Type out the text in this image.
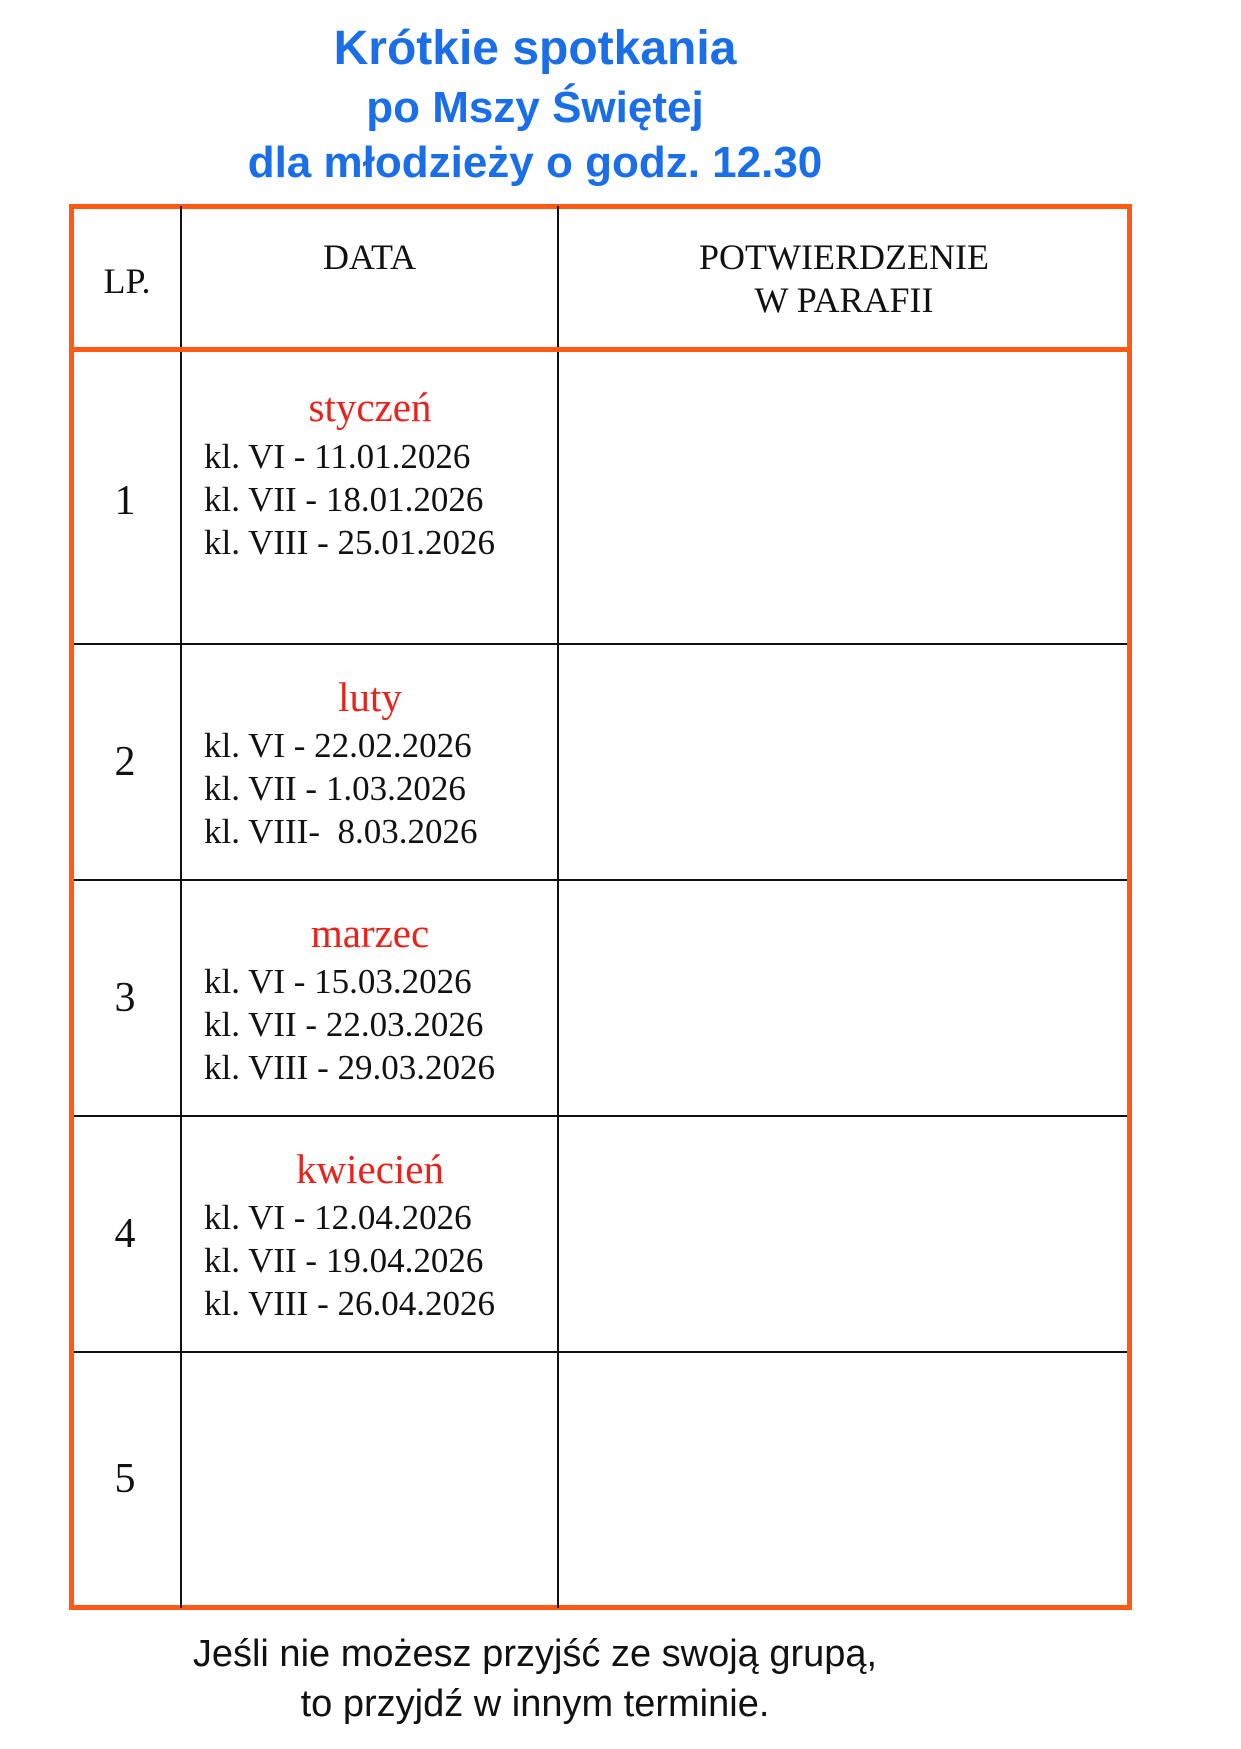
Krótkie spotkania
po Mszy Świętej
dla młodzieży o godz. 12.30
LP.
DATA	POTWIERDZENIE
W PARAFII
1
styczeń
kl. VI - 11.01.2026
kl. VII - 18.01.2026
kl. VIII - 25.01.2026
2
luty
kl. VI - 22.02.2026
kl. VII - 1.03.2026
kl. VIII-  8.03.2026
3
marzec
kl. VI - 15.03.2026
kl. VII - 22.03.2026
kl. VIII - 29.03.2026
4
kwiecień
kl. VI - 12.04.2026
kl. VII - 19.04.2026
kl. VIII - 26.04.2026
5
Jeśli nie możesz przyjść ze swoją grupą,
to przyjdź w innym terminie.
